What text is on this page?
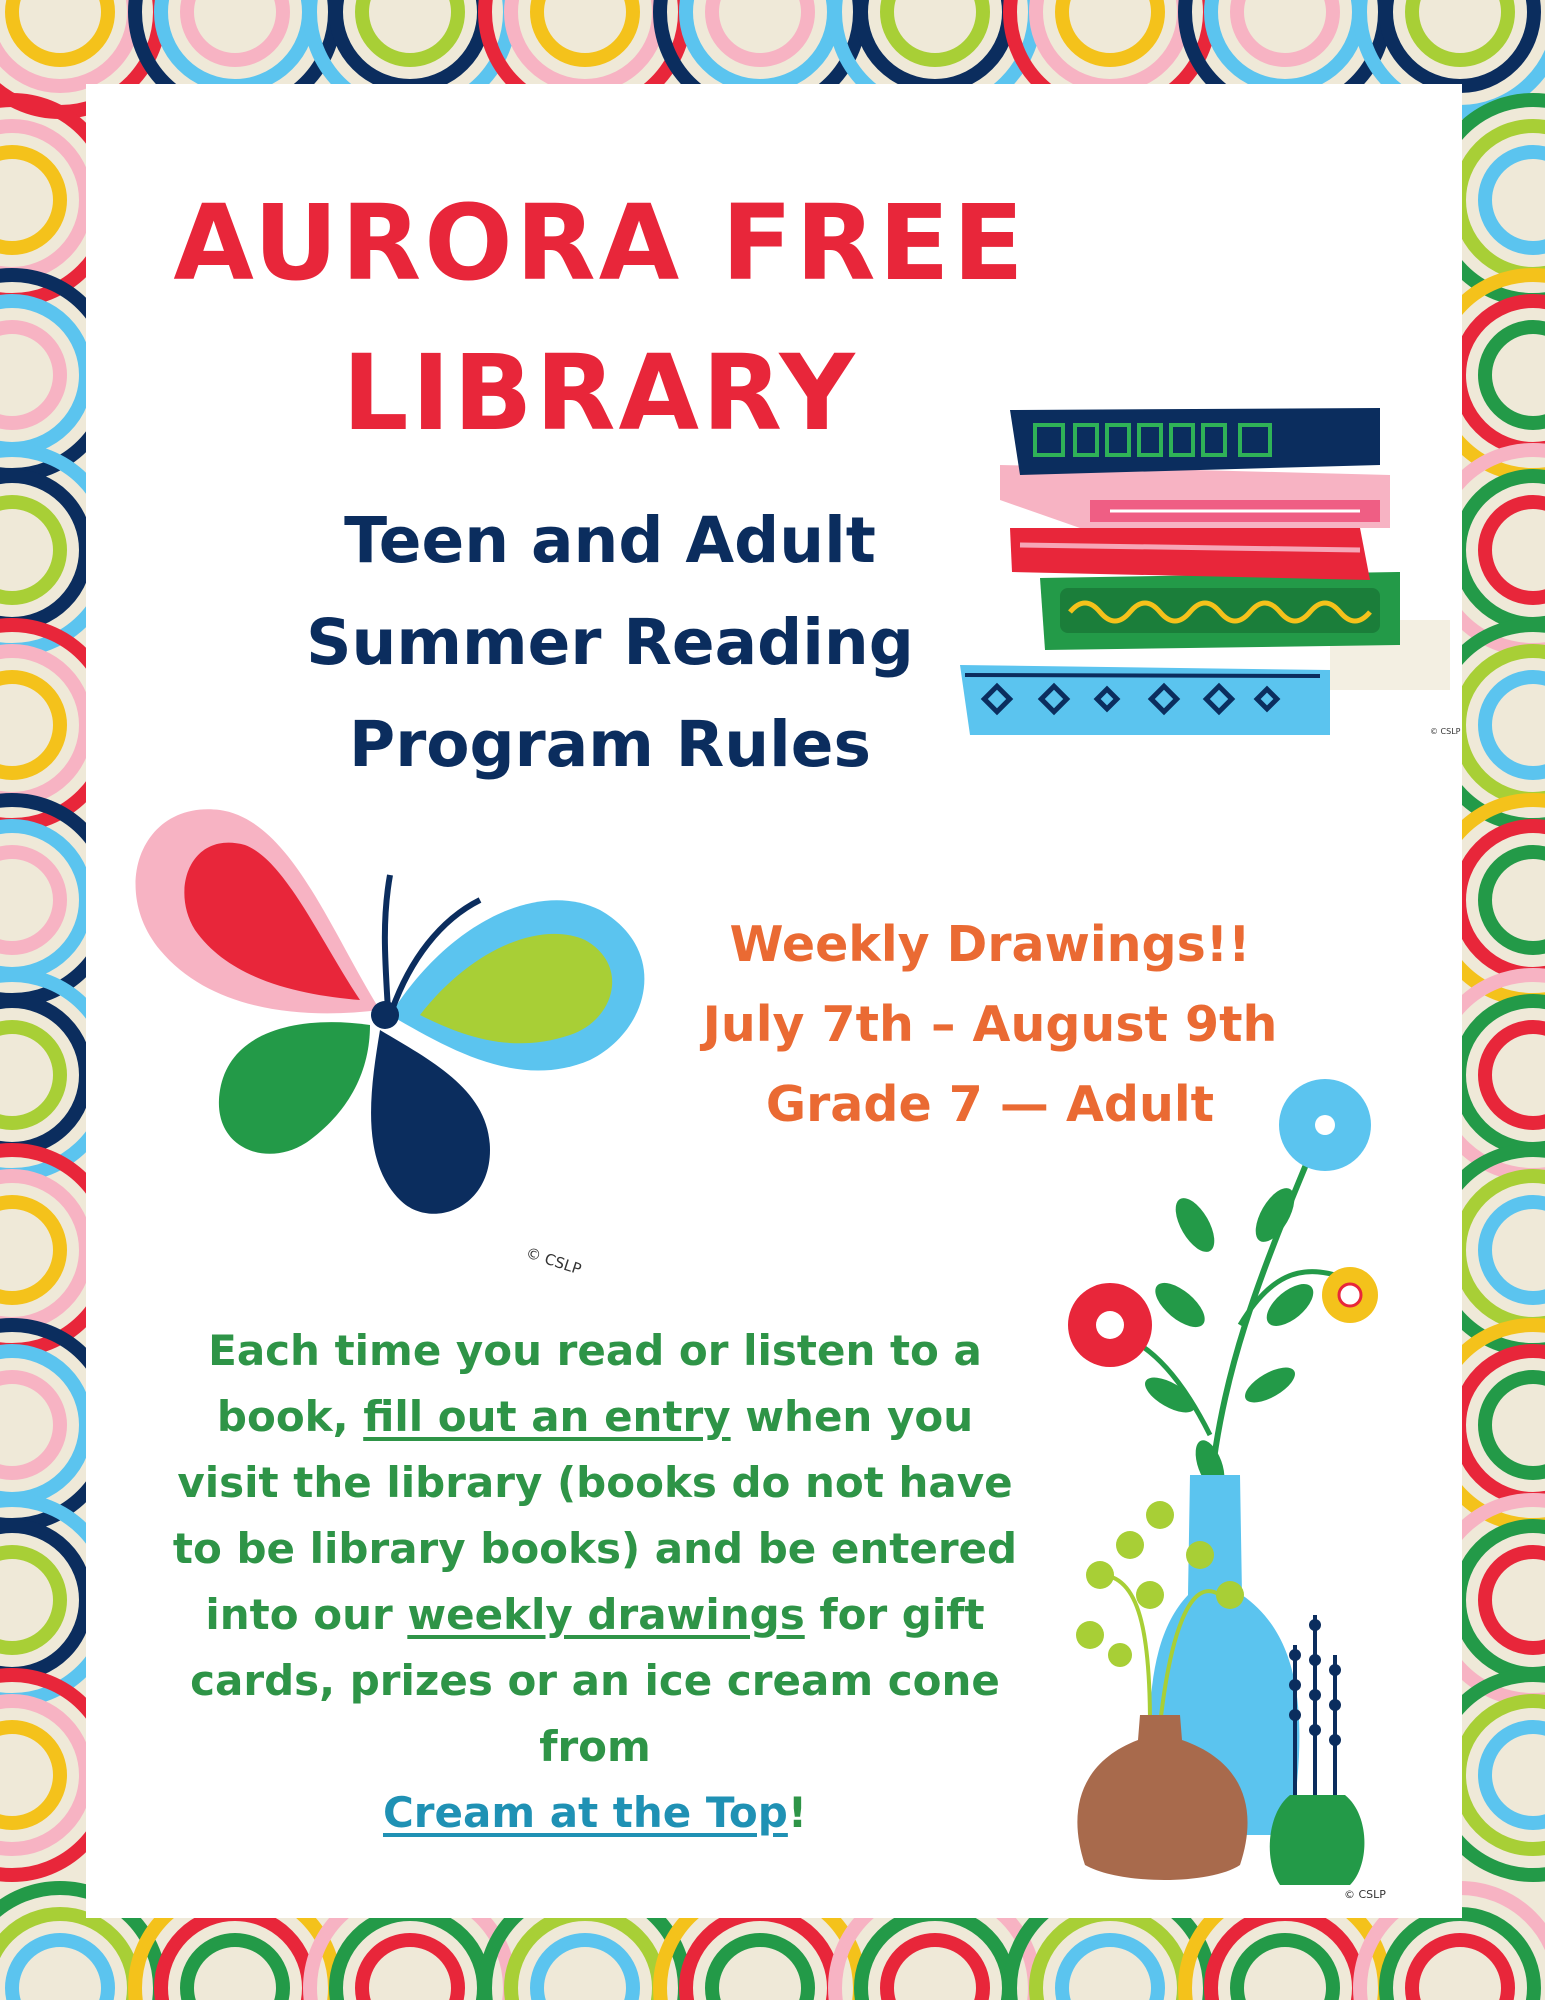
AURORA FREE
LIBRARY
Teen and Adult
Summer Reading
Program Rules	© CSLP
© CSLP
Weekly Drawings!!
July 7th – August 9th
Grade 7 — Adult
Each time you read or listen to a book, fill out an entry when you visit the library (books do not have to be library books) and be entered into our weekly drawings for gift cards, prizes or an ice cream cone from
Cream at the Top!
© CSLP
